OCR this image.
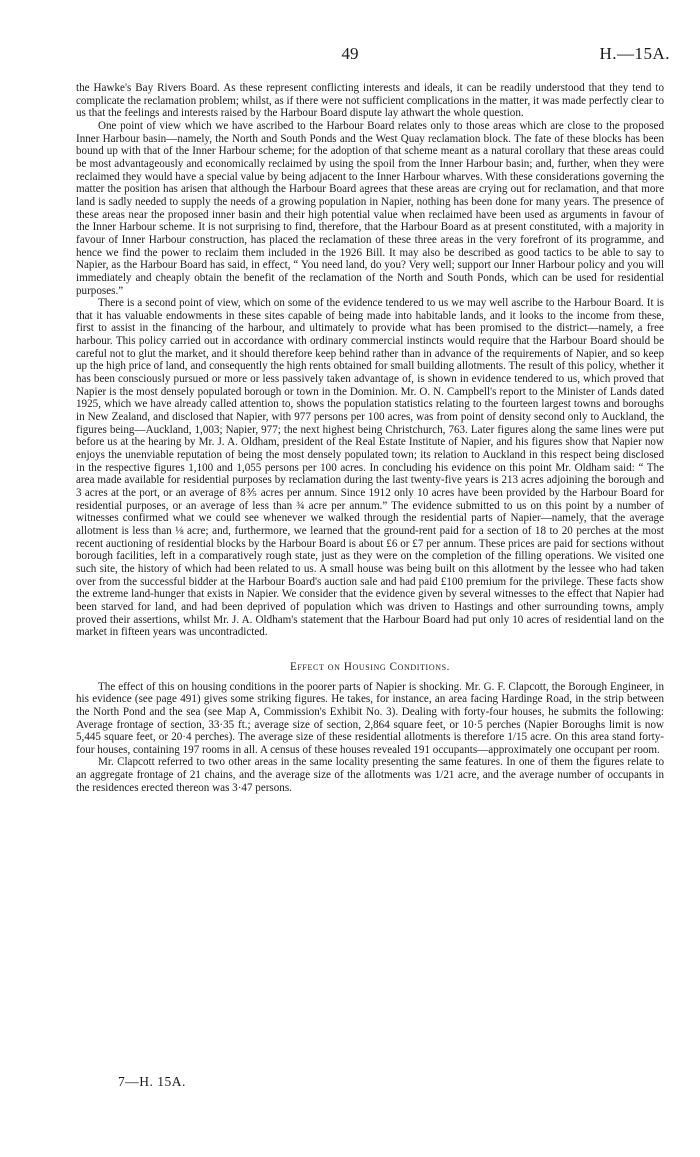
49	H.—15A.

the Hawke's Bay Rivers Board. As these represent conflicting interests and ideals, it can be readily understood that they tend to complicate the reclamation problem; whilst, as if there were not sufficient complications in the matter, it was made perfectly clear to us that the feelings and interests raised by the Harbour Board dispute lay athwart the whole question.

One point of view which we have ascribed to the Harbour Board relates only to those areas which are close to the proposed Inner Harbour basin—namely, the North and South Ponds and the West Quay reclamation block. The fate of these blocks has been bound up with that of the Inner Harbour scheme; for the adoption of that scheme meant as a natural corollary that these areas could be most advantageously and economically reclaimed by using the spoil from the Inner Harbour basin; and, further, when they were reclaimed they would have a special value by being adjacent to the Inner Harbour wharves. With these considerations governing the matter the position has arisen that although the Harbour Board agrees that these areas are crying out for reclamation, and that more land is sadly needed to supply the needs of a growing population in Napier, nothing has been done for many years. The presence of these areas near the proposed inner basin and their high potential value when reclaimed have been used as arguments in favour of the Inner Harbour scheme. It is not surprising to find, therefore, that the Harbour Board as at present constituted, with a majority in favour of Inner Harbour construction, has placed the reclamation of these three areas in the very forefront of its programme, and hence we find the power to reclaim them included in the 1926 Bill. It may also be described as good tactics to be able to say to Napier, as the Harbour Board has said, in effect, “ You need land, do you? Very well; support our Inner Harbour policy and you will immediately and cheaply obtain the benefit of the reclamation of the North and South Ponds, which can be used for residential purposes.”

There is a second point of view, which on some of the evidence tendered to us we may well ascribe to the Harbour Board. It is that it has valuable endowments in these sites capable of being made into habitable lands, and it looks to the income from these, first to assist in the financing of the harbour, and ultimately to provide what has been promised to the district—namely, a free harbour. This policy carried out in accordance with ordinary commercial instincts would require that the Harbour Board should be careful not to glut the market, and it should therefore keep behind rather than in advance of the requirements of Napier, and so keep up the high price of land, and consequently the high rents obtained for small building allotments. The result of this policy, whether it has been consciously pursued or more or less passively taken advantage of, is shown in evidence tendered to us, which proved that Napier is the most densely populated borough or town in the Dominion. Mr. O. N. Campbell's report to the Minister of Lands dated 1925, which we have already called attention to, shows the population statistics relating to the fourteen largest towns and boroughs in New Zealand, and disclosed that Napier, with 977 persons per 100 acres, was from point of density second only to Auckland, the figures being—Auckland, 1,003; Napier, 977; the next highest being Christchurch, 763. Later figures along the same lines were put before us at the hearing by Mr. J. A. Oldham, president of the Real Estate Institute of Napier, and his figures show that Napier now enjoys the unenviable reputation of being the most densely populated town; its relation to Auckland in this respect being disclosed in the respective figures 1,100 and 1,055 persons per 100 acres. In concluding his evidence on this point Mr. Oldham said: “ The area made available for residential purposes by reclamation during the last twenty-five years is 213 acres adjoining the borough and 3 acres at the port, or an average of 8⅗ acres per annum. Since 1912 only 10 acres have been provided by the Harbour Board for residential purposes, or an average of less than ¾ acre per annum.” The evidence submitted to us on this point by a number of witnesses confirmed what we could see whenever we walked through the residential parts of Napier—namely, that the average allotment is less than ⅛ acre; and, furthermore, we learned that the ground-rent paid for a section of 18 to 20 perches at the most recent auctioning of residential blocks by the Harbour Board is about £6 or £7 per annum. These prices are paid for sections without borough facilities, left in a comparatively rough state, just as they were on the completion of the filling operations. We visited one such site, the history of which had been related to us. A small house was being built on this allotment by the lessee who had taken over from the successful bidder at the Harbour Board's auction sale and had paid £100 premium for the privilege. These facts show the extreme land-hunger that exists in Napier. We consider that the evidence given by several witnesses to the effect that Napier had been starved for land, and had been deprived of population which was driven to Hastings and other surrounding towns, amply proved their assertions, whilst Mr. J. A. Oldham's statement that the Harbour Board had put only 10 acres of residential land on the market in fifteen years was uncontradicted.

Effect on Housing Conditions.

The effect of this on housing conditions in the poorer parts of Napier is shocking. Mr. G. F. Clapcott, the Borough Engineer, in his evidence (see page 491) gives some striking figures. He takes, for instance, an area facing Hardinge Road, in the strip between the North Pond and the sea (see Map A, Commission's Exhibit No. 3). Dealing with forty-four houses, he submits the following: Average frontage of section, 33·35 ft.; average size of section, 2,864 square feet, or 10·5 perches (Napier Boroughs limit is now 5,445 square feet, or 20·4 perches). The average size of these residential allotments is therefore 1/15 acre. On this area stand forty-four houses, containing 197 rooms in all. A census of these houses revealed 191 occupants—approximately one occupant per room.

Mr. Clapcott referred to two other areas in the same locality presenting the same features. In one of them the figures relate to an aggregate frontage of 21 chains, and the average size of the allotments was 1/21 acre, and the average number of occupants in the residences erected thereon was 3·47 persons.

7—H. 15A.
